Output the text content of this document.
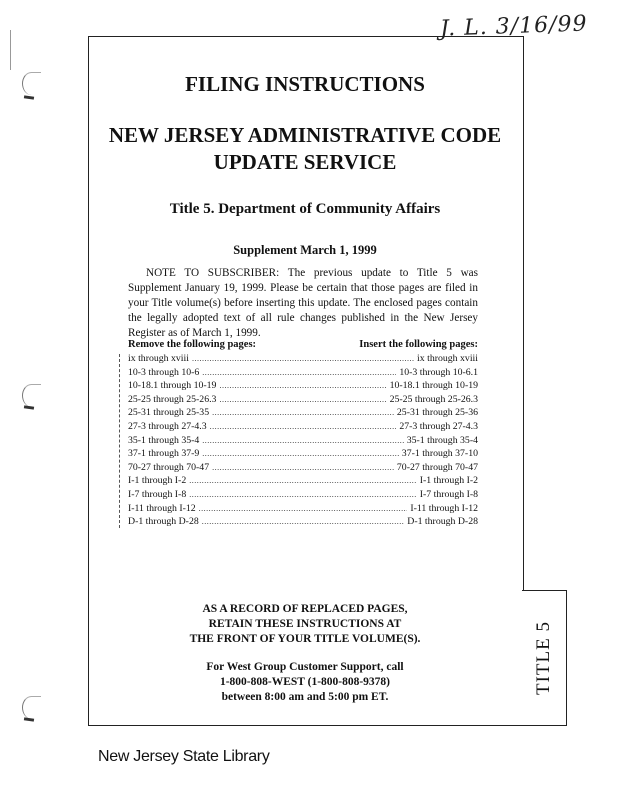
J. L. 3/16/99
TITLE 5
FILING INSTRUCTIONS
NEW JERSEY ADMINISTRATIVE CODE
UPDATE SERVICE
Title 5. Department of Community Affairs
Supplement March 1, 1999
NOTE TO SUBSCRIBER: The previous update to Title 5 was Supplement January 19, 1999. Please be certain that those pages are filed in your Title volume(s) before inserting this update. The enclosed pages contain the legally adopted text of all rule changes published in the New Jersey Register as of March 1, 1999.
Remove the following pages:	Insert the following pages:
ix through xviii .....	ix through xviii
10-3 through 10-6 .....	10-3 through 10-6.1
10-18.1 through 10-19 .....	10-18.1 through 10-19
25-25 through 25-26.3 .....	25-25 through 25-26.3
25-31 through 25-35 .....	25-31 through 25-36
27-3 through 27-4.3 .....	27-3 through 27-4.3
35-1 through 35-4 .....	35-1 through 35-4
37-1 through 37-9 .....	37-1 through 37-10
70-27 through 70-47 .....	70-27 through 70-47
I-1 through I-2 .....	I-1 through I-2
I-7 through I-8 .....	I-7 through I-8
I-11 through I-12 .....	I-11 through I-12
D-1 through D-28 .....	D-1 through D-28
AS A RECORD OF REPLACED PAGES,
RETAIN THESE INSTRUCTIONS AT
THE FRONT OF YOUR TITLE VOLUME(S).
For West Group Customer Support, call
1-800-808-WEST (1-800-808-9378)
between 8:00 am and 5:00 pm ET.
New Jersey State Library
